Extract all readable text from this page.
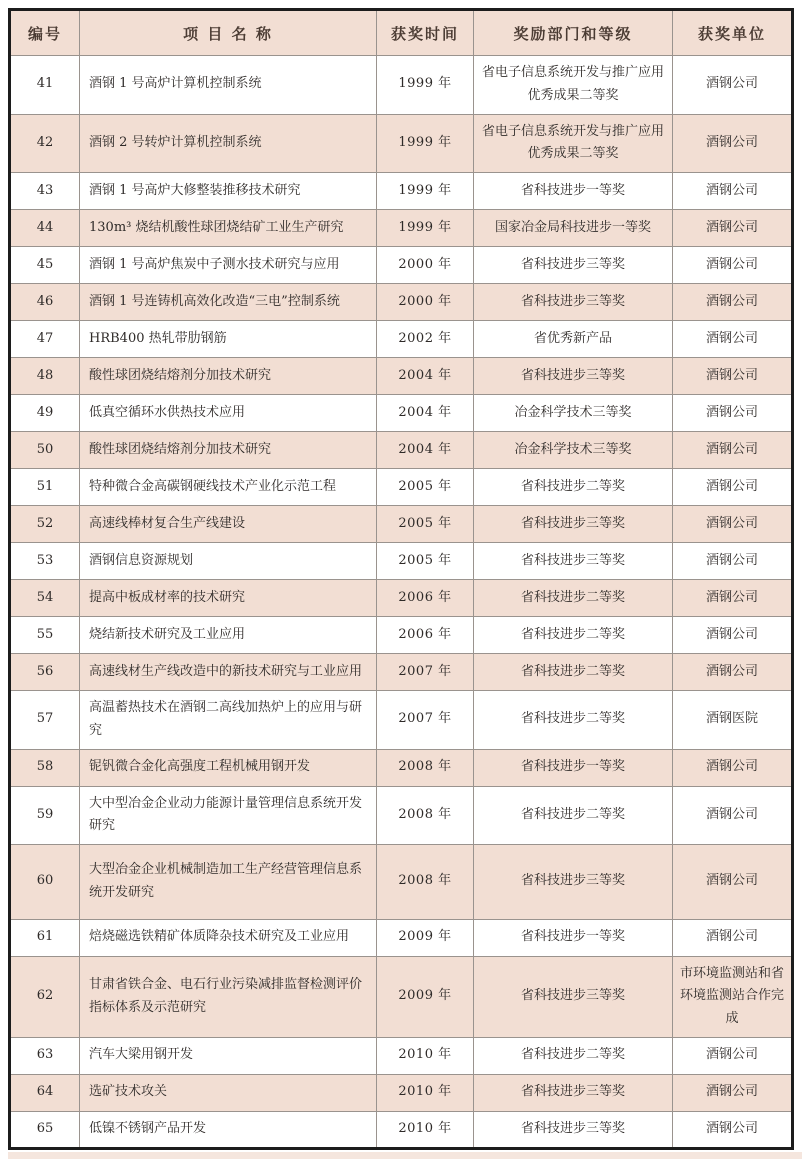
编号	项 目 名 称	获奖时间	奖励部门和等级	获奖单位
41	酒钢 1 号高炉计算机控制系统	1999 年	省电子信息系统开发与推广应用优秀成果二等奖	酒钢公司
42	酒钢 2 号转炉计算机控制系统	1999 年	省电子信息系统开发与推广应用优秀成果二等奖	酒钢公司
43	酒钢 1 号高炉大修整装推移技术研究	1999 年	省科技进步一等奖	酒钢公司
44	130m³ 烧结机酸性球团烧结矿工业生产研究	1999 年	国家冶金局科技进步一等奖	酒钢公司
45	酒钢 1 号高炉焦炭中子测水技术研究与应用	2000 年	省科技进步三等奖	酒钢公司
46	酒钢 1 号连铸机高效化改造“三电”控制系统	2000 年	省科技进步三等奖	酒钢公司
47	HRB400 热轧带肋钢筋	2002 年	省优秀新产品	酒钢公司
48	酸性球团烧结熔剂分加技术研究	2004 年	省科技进步三等奖	酒钢公司
49	低真空循环水供热技术应用	2004 年	冶金科学技术三等奖	酒钢公司
50	酸性球团烧结熔剂分加技术研究	2004 年	冶金科学技术三等奖	酒钢公司
51	特种微合金高碳钢硬线技术产业化示范工程	2005 年	省科技进步二等奖	酒钢公司
52	高速线棒材复合生产线建设	2005 年	省科技进步三等奖	酒钢公司
53	酒钢信息资源规划	2005 年	省科技进步三等奖	酒钢公司
54	提高中板成材率的技术研究	2006 年	省科技进步二等奖	酒钢公司
55	烧结新技术研究及工业应用	2006 年	省科技进步二等奖	酒钢公司
56	高速线材生产线改造中的新技术研究与工业应用	2007 年	省科技进步二等奖	酒钢公司
57	高温蓄热技术在酒钢二高线加热炉上的应用与研究	2007 年	省科技进步二等奖	酒钢医院
58	铌钒微合金化高强度工程机械用钢开发	2008 年	省科技进步一等奖	酒钢公司
59	大中型冶金企业动力能源计量管理信息系统开发研究	2008 年	省科技进步二等奖	酒钢公司
60	大型冶金企业机械制造加工生产经营管理信息系统开发研究	2008 年	省科技进步三等奖	酒钢公司
61	焙烧磁选铁精矿体质降杂技术研究及工业应用	2009 年	省科技进步一等奖	酒钢公司
62	甘肃省铁合金、电石行业污染减排监督检测评价指标体系及示范研究	2009 年	省科技进步三等奖	市环境监测站和省环境监测站合作完成
63	汽车大梁用钢开发	2010 年	省科技进步二等奖	酒钢公司
64	选矿技术攻关	2010 年	省科技进步三等奖	酒钢公司
65	低镍不锈钢产品开发	2010 年	省科技进步三等奖	酒钢公司
